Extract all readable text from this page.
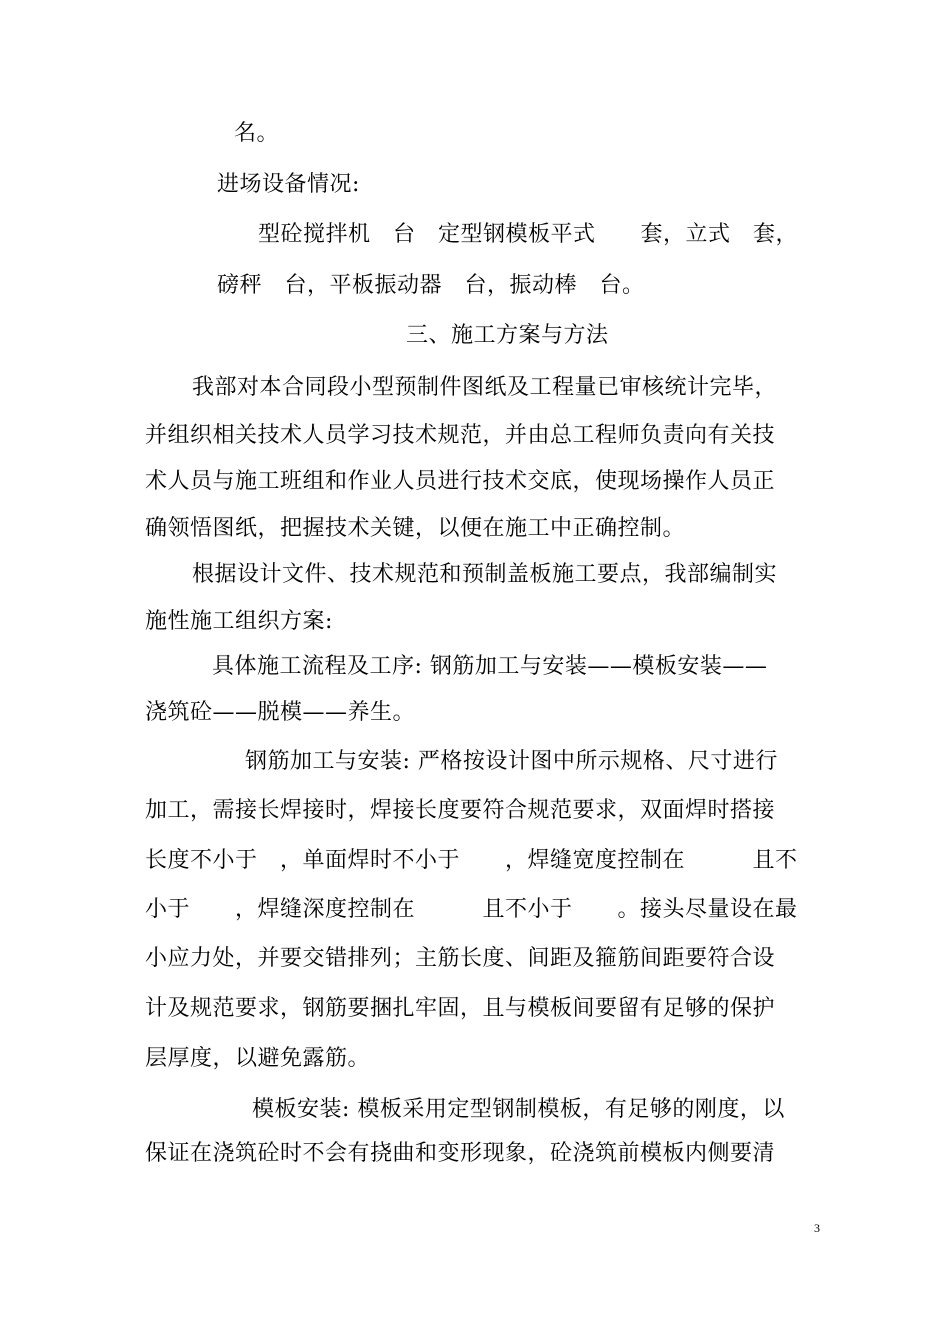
名。
进场设备情况:
型砼搅拌机　台　定型钢模板平式　　套，立式　套，
磅秤　台，平板振动器　台，振动棒　台。
三、施工方案与方法
我部对本合同段小型预制件图纸及工程量已审核统计完毕，
并组织相关技术人员学习技术规范，并由总工程师负责向有关技
术人员与施工班组和作业人员进行技术交底，使现场操作人员正
确领悟图纸，把握技术关键，以便在施工中正确控制。
根据设计文件、技术规范和预制盖板施工要点，我部编制实
施性施工组织方案:
具体施工流程及工序: 钢筋加工与安装——模板安装——
浇筑砼——脱模——养生。
钢筋加工与安装: 严格按设计图中所示规格、尺寸进行
加工，需接长焊接时，焊接长度要符合规范要求，双面焊时搭接
长度不小于　，单面焊时不小于　　，焊缝宽度控制在　　　且不
小于　　，焊缝深度控制在　　　且不小于　　。接头尽量设在最
小应力处，并要交错排列；主筋长度、间距及箍筋间距要符合设
计及规范要求，钢筋要捆扎牢固，且与模板间要留有足够的保护
层厚度，以避免露筋。
模板安装: 模板采用定型钢制模板，有足够的刚度，以
保证在浇筑砼时不会有挠曲和变形现象，砼浇筑前模板内侧要清
3
